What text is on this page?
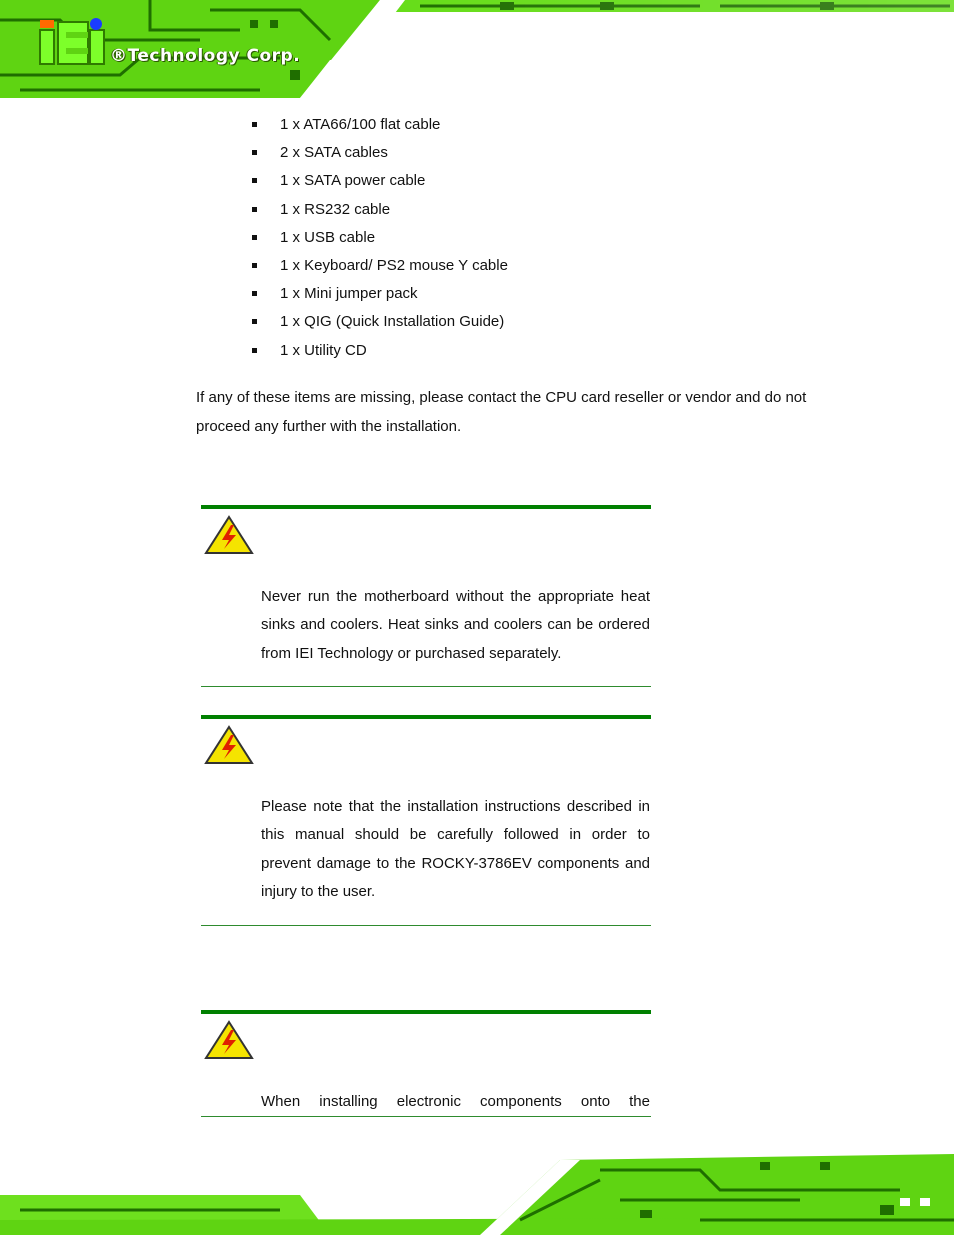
®Technology Corp.
1 x ATA66/100 flat cable
2 x SATA cables
1 x SATA power cable
1 x RS232 cable
1 x USB cable
1 x Keyboard/ PS2 mouse Y cable
1 x Mini jumper pack
1 x QIG (Quick Installation Guide)
1 x Utility CD

If any of these items are missing, please contact the CPU card reseller or vendor and do not proceed any further with the installation.

Never run the motherboard without the appropriate heat sinks and coolers. Heat sinks and coolers can be ordered from IEI Technology or purchased separately.

Please note that the installation instructions described in this manual should be carefully followed in order to prevent damage to the ROCKY-3786EV components and injury to the user.

When installing electronic components onto the
